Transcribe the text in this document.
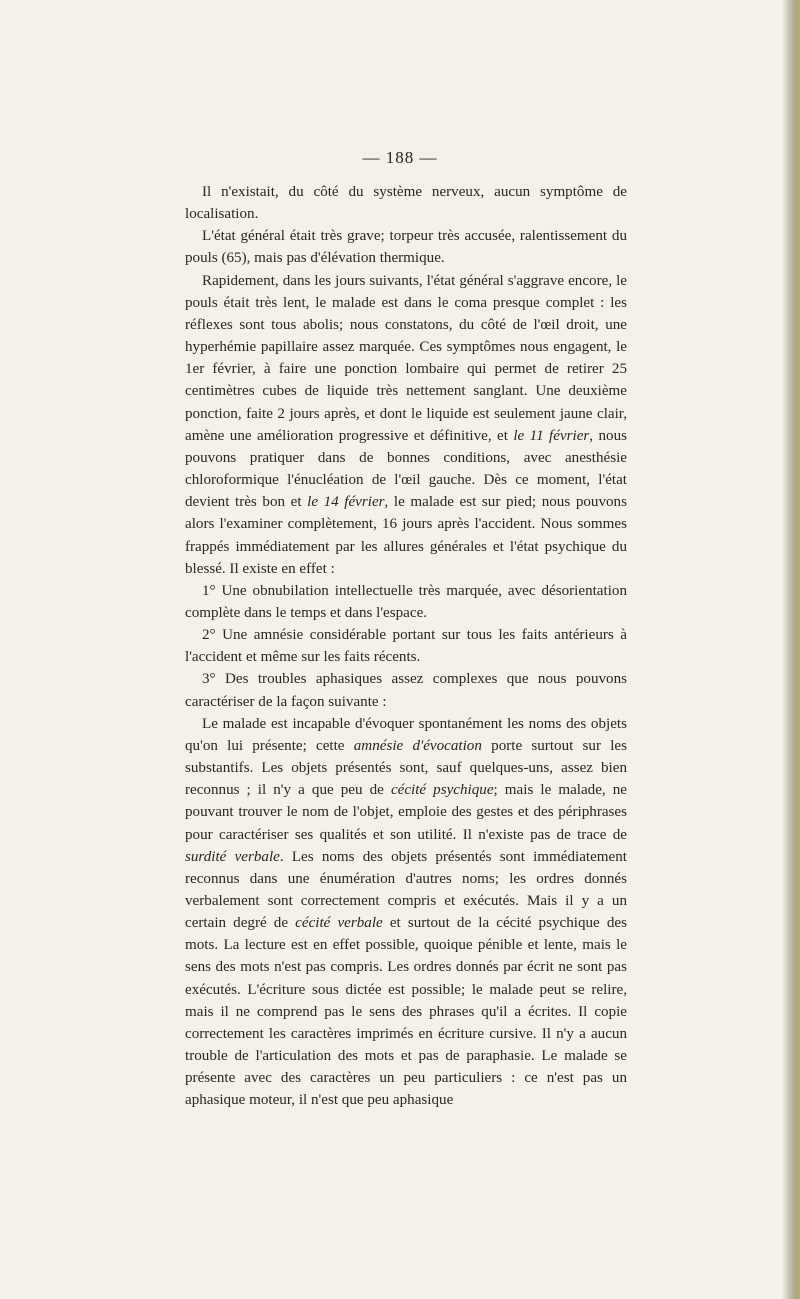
— 188 —

Il n'existait, du côté du système nerveux, aucun symptôme de localisation.

L'état général était très grave; torpeur très accusée, ralentissement du pouls (65), mais pas d'élévation thermique.

Rapidement, dans les jours suivants, l'état général s'aggrave encore, le pouls était très lent, le malade est dans le coma presque complet : les réflexes sont tous abolis; nous constatons, du côté de l'œil droit, une hyperhémie papillaire assez marquée. Ces symptômes nous engagent, le 1er février, à faire une ponction lombaire qui permet de retirer 25 centimètres cubes de liquide très nettement sanglant. Une deuxième ponction, faite 2 jours après, et dont le liquide est seulement jaune clair, amène une amélioration progressive et définitive, et le 11 février, nous pouvons pratiquer dans de bonnes conditions, avec anesthésie chloroformique l'énucléation de l'œil gauche. Dès ce moment, l'état devient très bon et le 14 février, le malade est sur pied; nous pouvons alors l'examiner complètement, 16 jours après l'accident. Nous sommes frappés immédiatement par les allures générales et l'état psychique du blessé. Il existe en effet :

1° Une obnubilation intellectuelle très marquée, avec désorientation complète dans le temps et dans l'espace.

2° Une amnésie considérable portant sur tous les faits antérieurs à l'accident et même sur les faits récents.

3° Des troubles aphasiques assez complexes que nous pouvons caractériser de la façon suivante :

Le malade est incapable d'évoquer spontanément les noms des objets qu'on lui présente; cette amnésie d'évocation porte surtout sur les substantifs. Les objets présentés sont, sauf quelques-uns, assez bien reconnus ; il n'y a que peu de cécité psychique; mais le malade, ne pouvant trouver le nom de l'objet, emploie des gestes et des périphrases pour caractériser ses qualités et son utilité. Il n'existe pas de trace de surdité verbale. Les noms des objets présentés sont immédiatement reconnus dans une énumération d'autres noms; les ordres donnés verbalement sont correctement compris et exécutés. Mais il y a un certain degré de cécité verbale et surtout de la cécité psychique des mots. La lecture est en effet possible, quoique pénible et lente, mais le sens des mots n'est pas compris. Les ordres donnés par écrit ne sont pas exécutés. L'écriture sous dictée est possible; le malade peut se relire, mais il ne comprend pas le sens des phrases qu'il a écrites. Il copie correctement les caractères imprimés en écriture cursive. Il n'y a aucun trouble de l'articulation des mots et pas de paraphasie. Le malade se présente avec des caractères un peu particuliers : ce n'est pas un aphasique moteur, il n'est que peu aphasique
